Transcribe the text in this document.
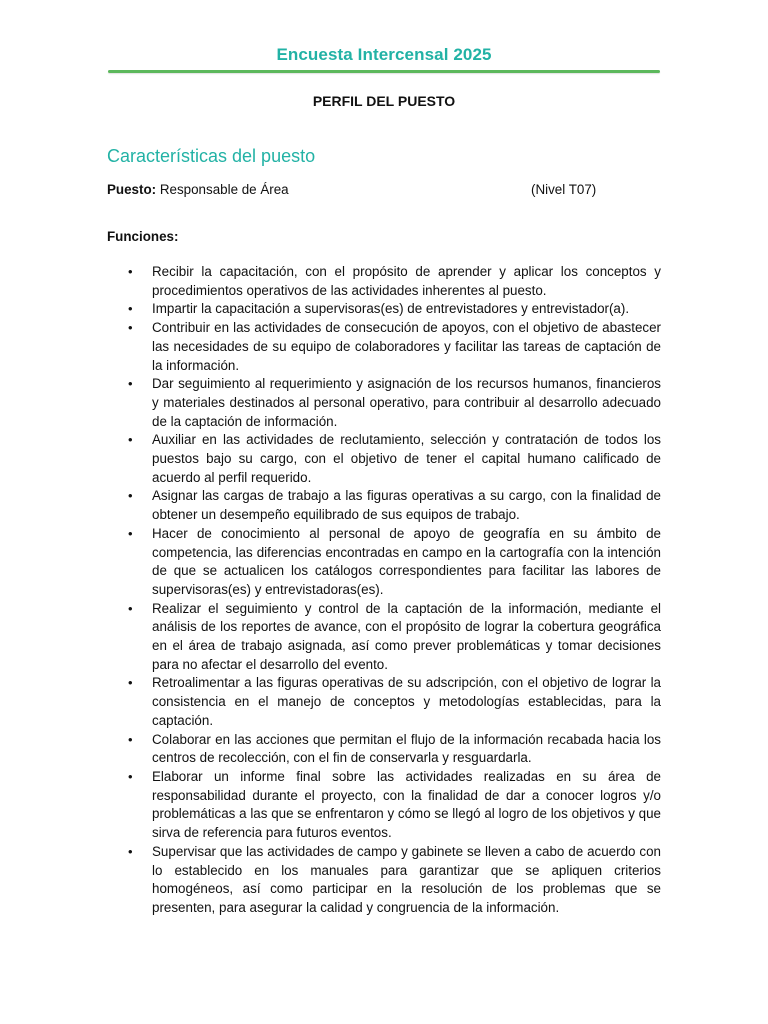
Encuesta Intercensal 2025
PERFIL DEL PUESTO
Características del puesto
Puesto: Responsable de Área	(Nivel T07)
Funciones:
• Recibir la capacitación, con el propósito de aprender y aplicar los conceptos y procedimientos operativos de las actividades inherentes al puesto.
• Impartir la capacitación a supervisoras(es) de entrevistadores y entrevistador(a).
• Contribuir en las actividades de consecución de apoyos, con el objetivo de abastecer las necesidades de su equipo de colaboradores y facilitar las tareas de captación de la información.
• Dar seguimiento al requerimiento y asignación de los recursos humanos, financieros y materiales destinados al personal operativo, para contribuir al desarrollo adecuado de la captación de información.
• Auxiliar en las actividades de reclutamiento, selección y contratación de todos los puestos bajo su cargo, con el objetivo de tener el capital humano calificado de acuerdo al perfil requerido.
• Asignar las cargas de trabajo a las figuras operativas a su cargo, con la finalidad de obtener un desempeño equilibrado de sus equipos de trabajo.
• Hacer de conocimiento al personal de apoyo de geografía en su ámbito de competencia, las diferencias encontradas en campo en la cartografía con la intención de que se actualicen los catálogos correspondientes para facilitar las labores de supervisoras(es) y entrevistadoras(es).
• Realizar el seguimiento y control de la captación de la información, mediante el análisis de los reportes de avance, con el propósito de lograr la cobertura geográfica en el área de trabajo asignada, así como prever problemáticas y tomar decisiones para no afectar el desarrollo del evento.
• Retroalimentar a las figuras operativas de su adscripción, con el objetivo de lograr la consistencia en el manejo de conceptos y metodologías establecidas, para la captación.
• Colaborar en las acciones que permitan el flujo de la información recabada hacia los centros de recolección, con el fin de conservarla y resguardarla.
• Elaborar un informe final sobre las actividades realizadas en su área de responsabilidad durante el proyecto, con la finalidad de dar a conocer logros y/o problemáticas a las que se enfrentaron y cómo se llegó al logro de los objetivos y que sirva de referencia para futuros eventos.
• Supervisar que las actividades de campo y gabinete se lleven a cabo de acuerdo con lo establecido en los manuales para garantizar que se apliquen criterios homogéneos, así como participar en la resolución de los problemas que se presenten, para asegurar la calidad y congruencia de la información.
